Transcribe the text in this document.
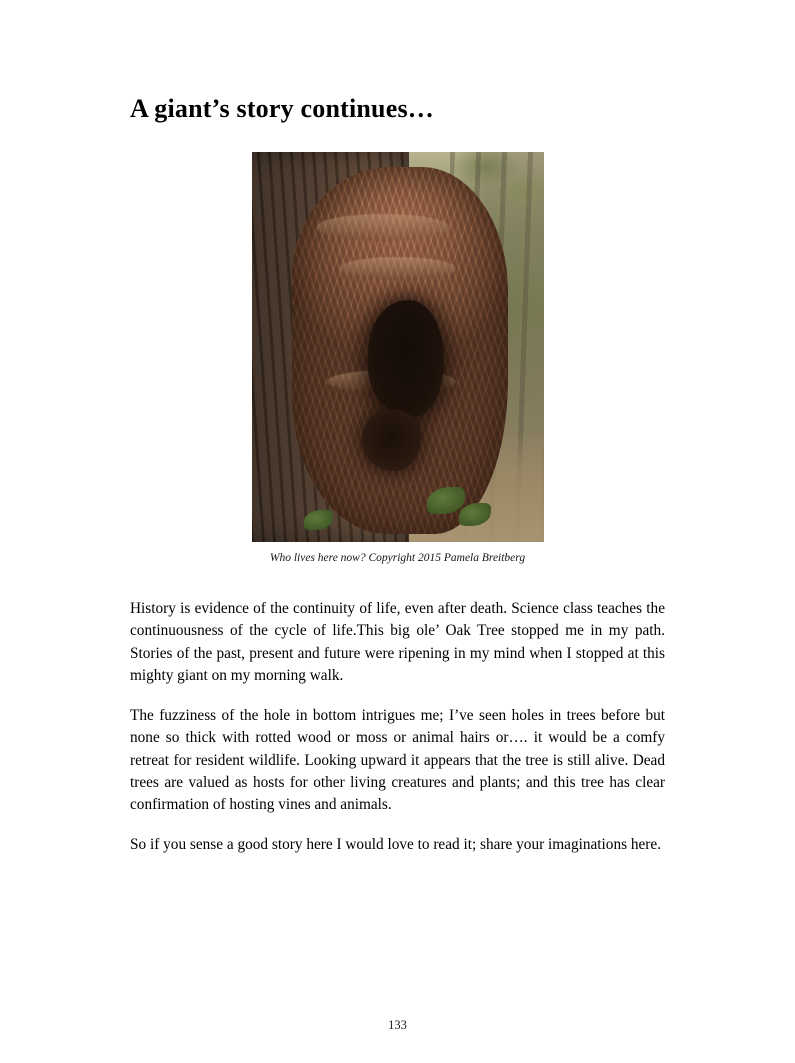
A giant’s story continues…
Who lives here now? Copyright 2015 Pamela Breitberg

History is evidence of the continuity of life, even after death. Science class teaches the continuousness of the cycle of life.This big ole’ Oak Tree stopped me in my path. Stories of the past, present and future were ripening in my mind when I stopped at this mighty giant on my morning walk.

The fuzziness of the hole in bottom intrigues me; I’ve seen holes in trees before but none so thick with rotted wood or moss or animal hairs or…. it would be a comfy retreat for resident wildlife. Looking upward it appears that the tree is still alive. Dead trees are valued as hosts for other living creatures and plants; and this tree has clear confirmation of hosting vines and animals.

So if you sense a good story here I would love to read it; share your imaginations here.

133
